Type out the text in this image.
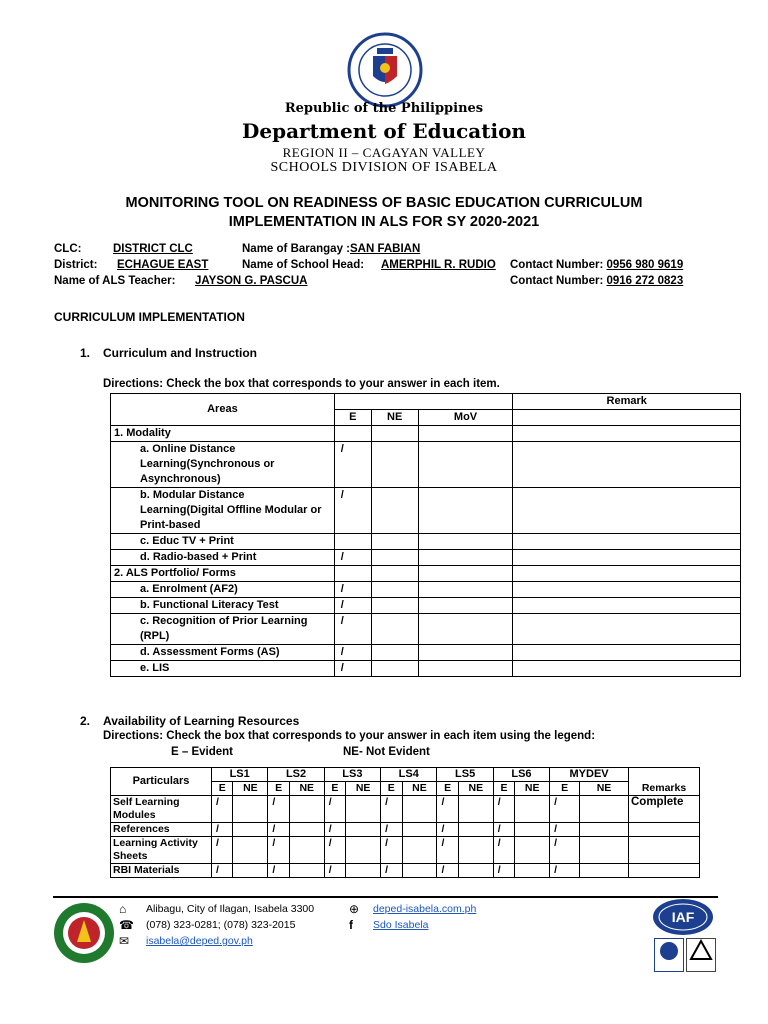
Republic of the Philippines
Department of Education
REGION II – CAGAYAN VALLEY
SCHOOLS DIVISION OF ISABELA
MONITORING TOOL ON READINESS OF BASIC EDUCATION CURRICULUM
IMPLEMENTATION IN ALS FOR SY 2020-2021
CLC:	DISTRICT CLC	Name of Barangay :SAN FABIAN
District: ECHAGUE EAST	Name of School Head: AMERPHIL R. RUDIO Contact Number: 0956 980 9619
Name of ALS Teacher: JAYSON G. PASCUA	Contact Number: 0916 272 0823
CURRICULUM IMPLEMENTATION
1. Curriculum and Instruction
Directions: Check the box that corresponds to your answer in each item.
Areas				Remark
	E	NE	MoV	
1. Modality				
a. Online Distance Learning(Synchronous or Asynchronous)	/			
b. Modular Distance Learning(Digital Offline Modular or Print-based	/			
c. Educ TV + Print				
d. Radio-based + Print	/			
2. ALS Portfolio/ Forms				
a. Enrolment (AF2)	/			
b. Functional Literacy Test	/			
c. Recognition of Prior Learning (RPL)	/			
d. Assessment Forms (AS)	/			
e. LIS	/			
2. Availability of Learning Resources
Directions: Check the box that corresponds to your answer in each item using the legend:
E – Evident	NE- Not Evident
Particulars	LS1		LS2		LS3		LS4		LS5		LS6		MYDEV		Remarks
	E	NE	E	NE	E	NE	E	NE	E	NE	E	NE	E	NE	
Self Learning Modules	/		/		/		/		/		/		/		Complete
References	/		/		/		/		/		/		/		
Learning Activity Sheets	/		/		/		/		/		/		/		
RBI Materials	/		/		/		/		/		/		/		
⌂
☎
✉
Alibagu, City of Ilagan, Isabela 3300
(078) 323-0281; (078) 323-2015
isabela@deped.gov.ph
⊕
f
deped-isabela.com.ph
Sdo Isabela	IAF
